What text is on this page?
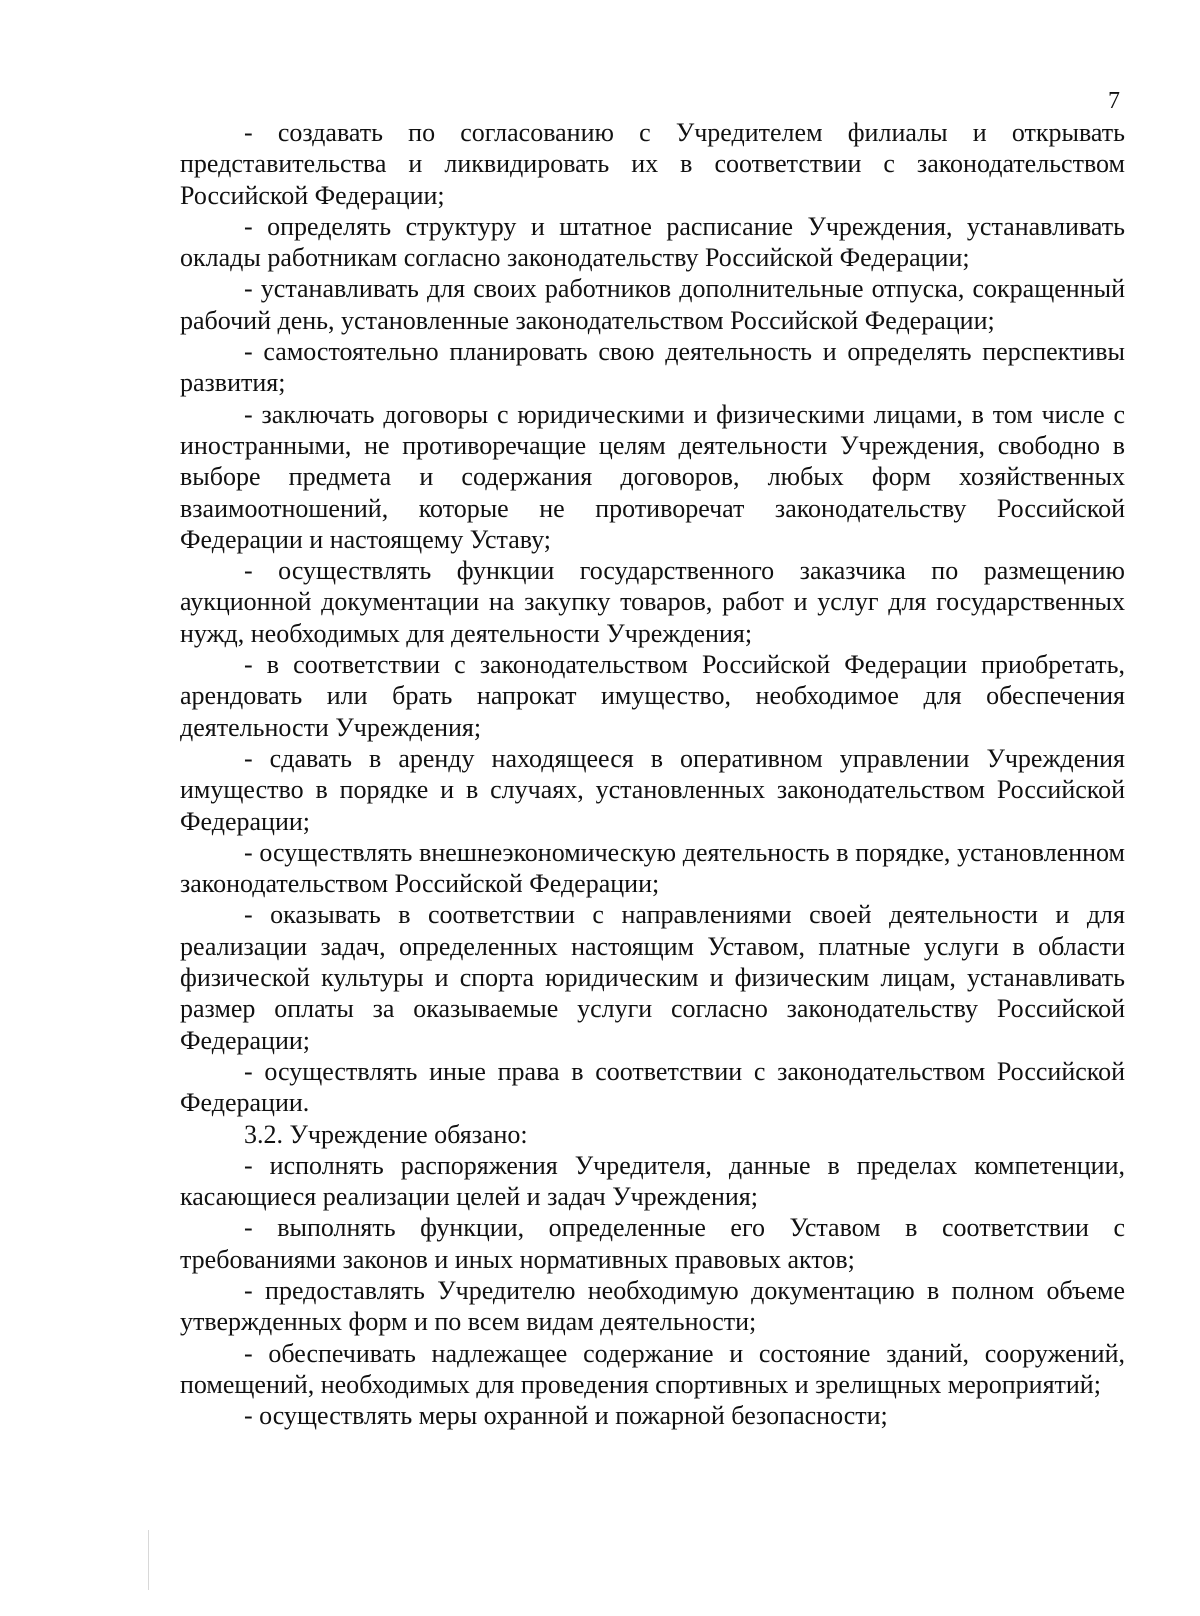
7

- создавать по согласованию с Учредителем филиалы и открывать представительства и ликвидировать их в соответствии с законодательством Российской Федерации;

- определять структуру и штатное расписание Учреждения, устанавливать оклады работникам согласно законодательству Российской Федерации;

- устанавливать для своих работников дополнительные отпуска, сокращенный рабочий день, установленные законодательством Российской Федерации;

- самостоятельно планировать свою деятельность и определять перспективы развития;

- заключать договоры с юридическими и физическими лицами, в том числе с иностранными, не противоречащие целям деятельности Учреждения, свободно в выборе предмета и содержания договоров, любых форм хозяйственных взаимоотношений, которые не противоречат законодательству Российской Федерации и настоящему Уставу;

- осуществлять функции государственного заказчика по размещению аукционной документации на закупку товаров, работ и услуг для государственных нужд, необходимых для деятельности Учреждения;

- в соответствии с законодательством Российской Федерации приобретать, арендовать или брать напрокат имущество, необходимое для обеспечения деятельности Учреждения;

- сдавать в аренду находящееся в оперативном управлении Учреждения имущество в порядке и в случаях, установленных законодательством Российской Федерации;

- осуществлять внешнеэкономическую деятельность в порядке, установленном законодательством Российской Федерации;

- оказывать в соответствии с направлениями своей деятельности и для реализации задач, определенных настоящим Уставом, платные услуги в области физической культуры и спорта юридическим и физическим лицам, устанавливать размер оплаты за оказываемые услуги согласно законодательству Российской Федерации;

- осуществлять иные права в соответствии с законодательством Российской Федерации.

3.2. Учреждение обязано:

- исполнять распоряжения Учредителя, данные в пределах компетенции, касающиеся реализации целей и задач Учреждения;

- выполнять функции, определенные его Уставом в соответствии с требованиями законов и иных нормативных правовых актов;

- предоставлять Учредителю необходимую документацию в полном объеме утвержденных форм и по всем видам деятельности;

- обеспечивать надлежащее содержание и состояние зданий, сооружений, помещений, необходимых для проведения спортивных и зрелищных мероприятий;

- осуществлять меры охранной и пожарной безопасности;
